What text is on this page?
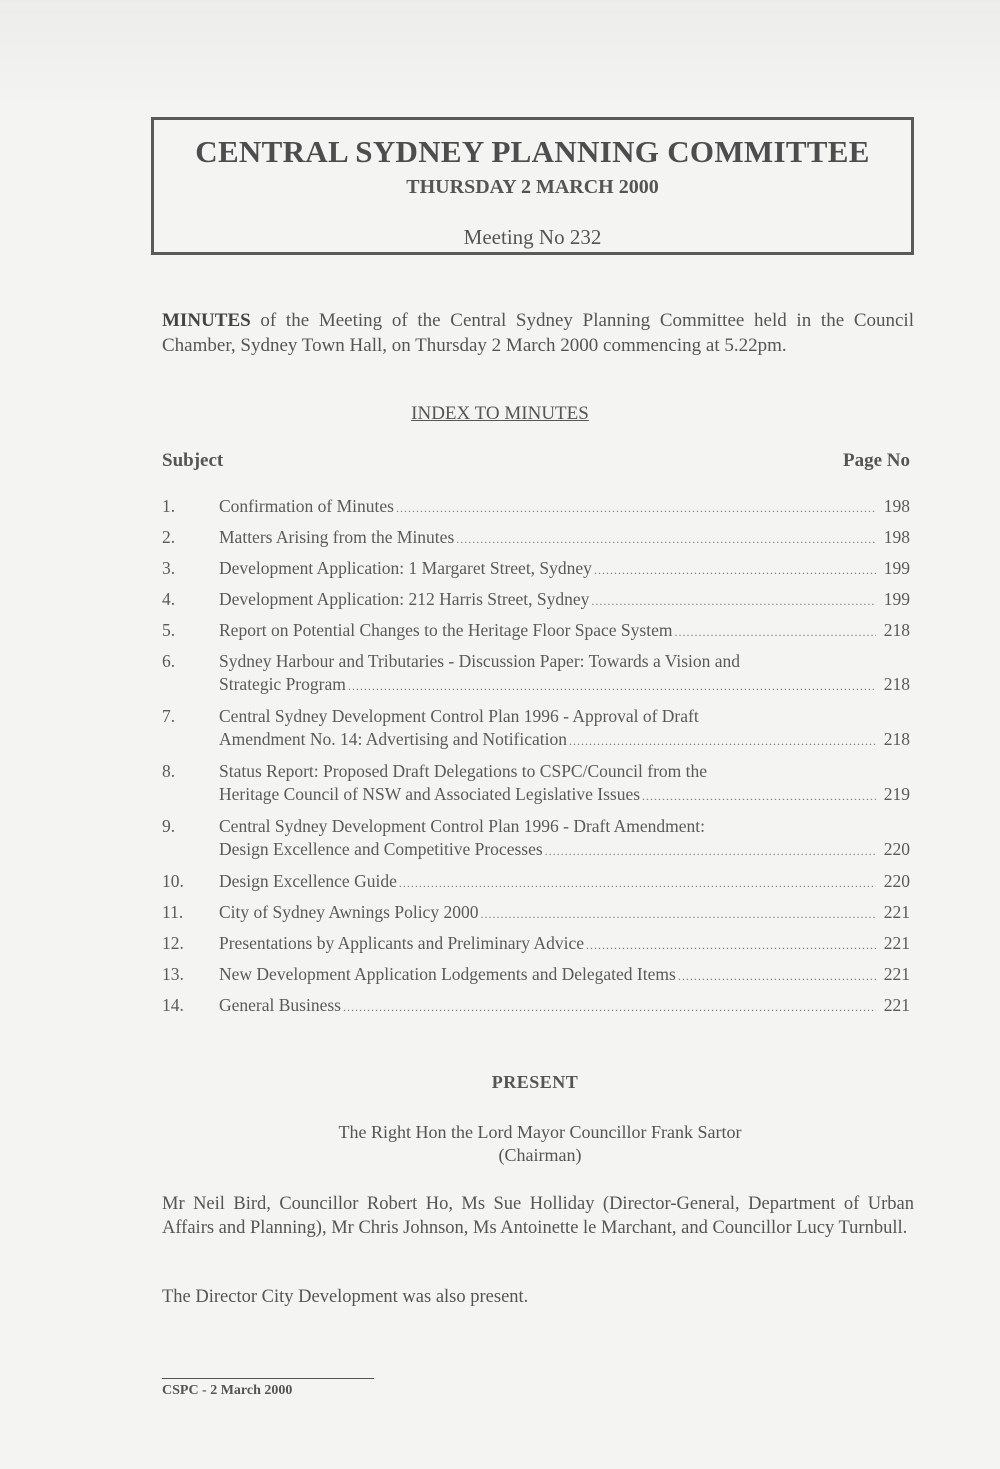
CENTRAL SYDNEY PLANNING COMMITTEE
THURSDAY 2 MARCH 2000
Meeting No 232
MINUTES of the Meeting of the Central Sydney Planning Committee held in the Council Chamber, Sydney Town Hall, on Thursday 2 March 2000 commencing at 5.22pm.
INDEX TO MINUTES
Subject	Page No
1.	Confirmation of Minutes .....	198
2.	Matters Arising from the Minutes .....	198
3.	Development Application: 1 Margaret Street, Sydney .....	199
4.	Development Application: 212 Harris Street, Sydney .....	199
5.	Report on Potential Changes to the Heritage Floor Space System .....	218
6.	Sydney Harbour and Tributaries - Discussion Paper: Towards a Vision and
Strategic Program .....	218
7.	Central Sydney Development Control Plan 1996 - Approval of Draft
Amendment No. 14: Advertising and Notification .....	218
8.	Status Report: Proposed Draft Delegations to CSPC/Council from the
Heritage Council of NSW and Associated Legislative Issues .....	219
9.	Central Sydney Development Control Plan 1996 - Draft Amendment:
Design Excellence and Competitive Processes .....	220
10. Design Excellence Guide .....	220
11. City of Sydney Awnings Policy 2000 .....	221
12. Presentations by Applicants and Preliminary Advice .....	221
13. New Development Application Lodgements and Delegated Items .....	221
14. General Business .....	221
PRESENT
The Right Hon the Lord Mayor Councillor Frank Sartor
(Chairman)
Mr Neil Bird, Councillor Robert Ho, Ms Sue Holliday (Director-General, Department of Urban Affairs and Planning), Mr Chris Johnson, Ms Antoinette le Marchant, and Councillor Lucy Turnbull.
The Director City Development was also present.
CSPC - 2 March 2000
